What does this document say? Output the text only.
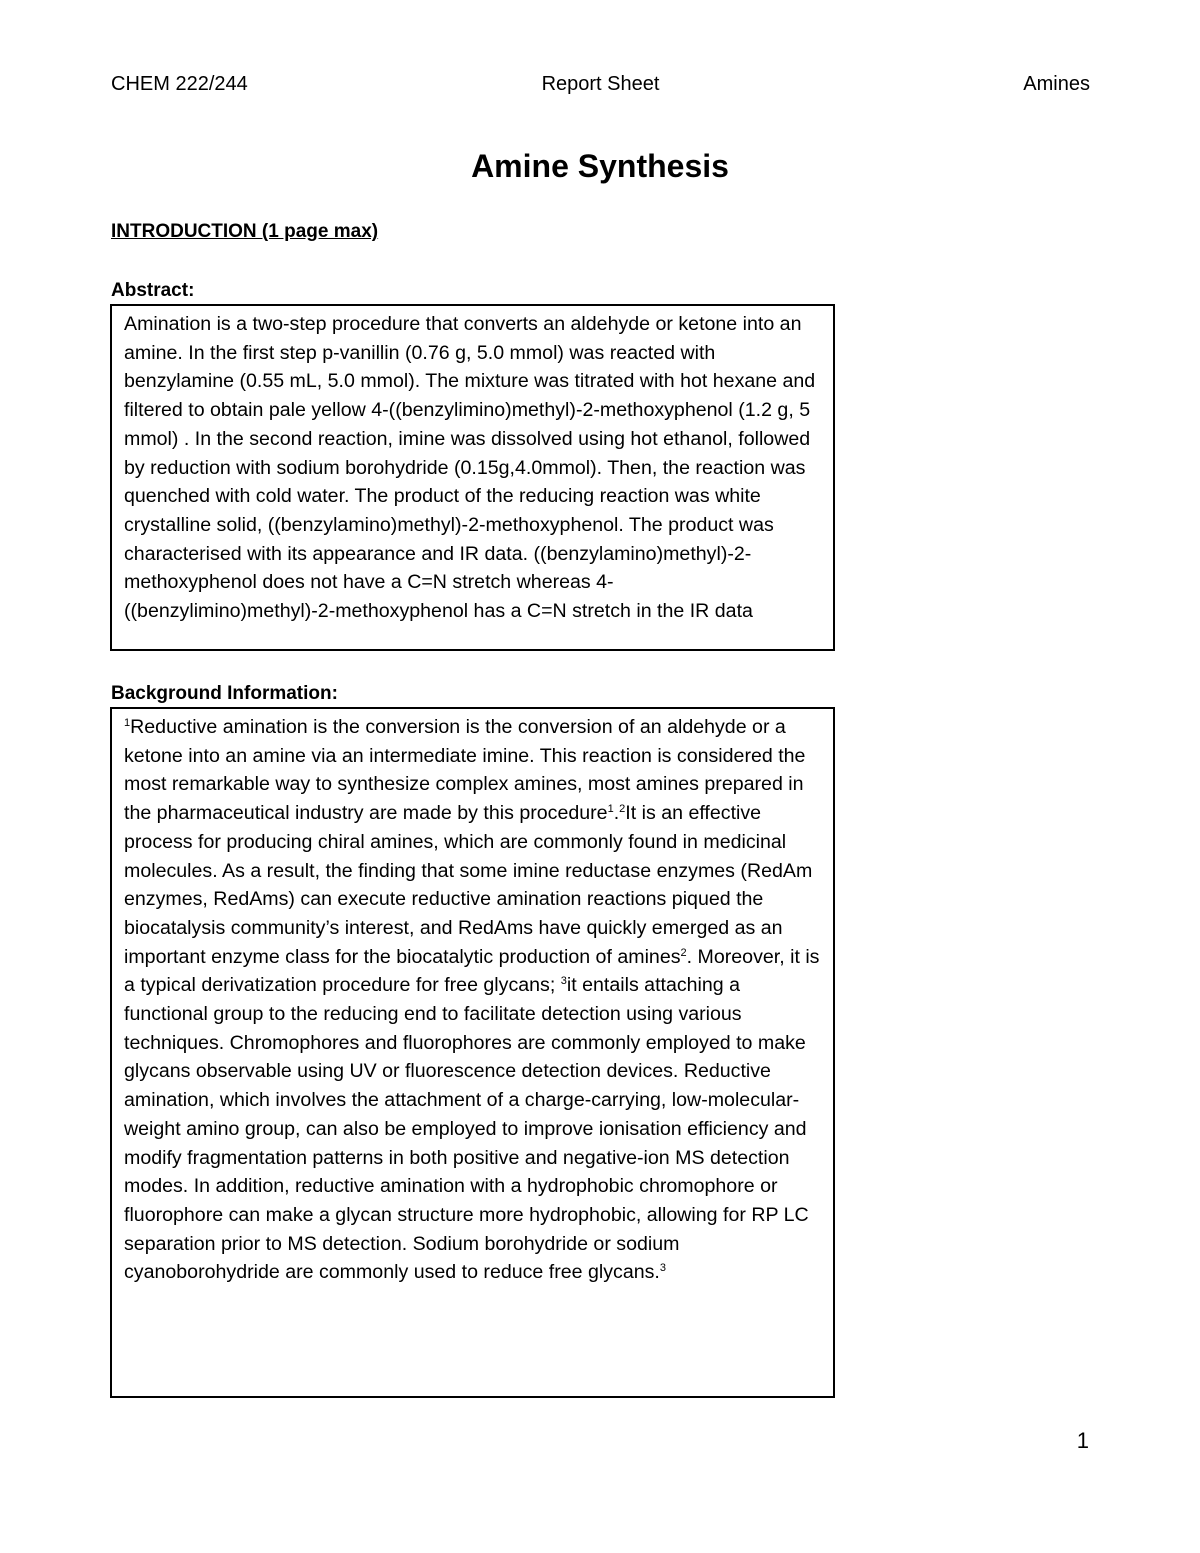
CHEM 222/244	Report Sheet	Amines
Amine Synthesis
INTRODUCTION (1 page max)
Abstract:
Amination is a two-step procedure that converts an aldehyde or ketone into an amine. In the first step p-vanillin (0.76 g, 5.0 mmol) was reacted with benzylamine (0.55 mL, 5.0 mmol). The mixture was titrated with hot hexane and filtered to obtain pale yellow 4-((benzylimino)methyl)-2-methoxyphenol (1.2 g, 5 mmol) . In the second reaction, imine was dissolved using hot ethanol, followed by reduction with sodium borohydride (0.15g,4.0mmol). Then, the reaction was quenched with cold water. The product of the reducing reaction was white crystalline solid, ((benzylamino)methyl)-2-methoxyphenol. The product was characterised with its appearance and IR data. ((benzylamino)methyl)-2-methoxyphenol does not have a C=N stretch whereas 4-((benzylimino)methyl)-2-methoxyphenol has a C=N stretch in the IR data
Background Information:
$^1$Reductive amination is the conversion is the conversion of an aldehyde or a ketone into an amine via an intermediate imine. This reaction is considered the most remarkable way to synthesize complex amines, most amines prepared in the pharmaceutical industry are made by this procedure$^1$.$^2$It is an effective process for producing chiral amines, which are commonly found in medicinal molecules. As a result, the finding that some imine reductase enzymes (RedAm enzymes, RedAms) can execute reductive amination reactions piqued the biocatalysis community’s interest, and RedAms have quickly emerged as an important enzyme class for the biocatalytic production of amines$^2$. Moreover, it is a typical derivatization procedure for free glycans; $^3$it entails attaching a functional group to the reducing end to facilitate detection using various techniques. Chromophores and fluorophores are commonly employed to make glycans observable using UV or fluorescence detection devices. Reductive amination, which involves the attachment of a charge-carrying, low-molecular-weight amino group, can also be employed to improve ionisation efficiency and modify fragmentation patterns in both positive and negative-ion MS detection modes. In addition, reductive amination with a hydrophobic chromophore or fluorophore can make a glycan structure more hydrophobic, allowing for RP LC separation prior to MS detection. Sodium borohydride or sodium cyanoborohydride are commonly used to reduce free glycans.$^3$
1
